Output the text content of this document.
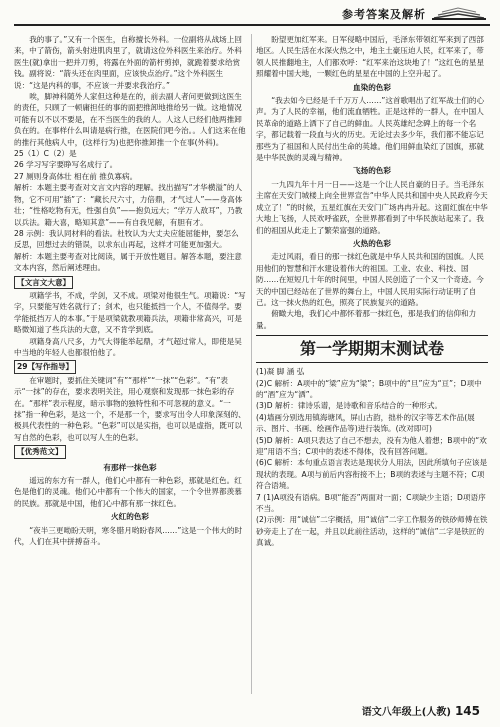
参考答案及解析

我的事了。”又有一个医生，自称擅长外科。一位副将从战场上回来，中了箭伤，箭头射进肌肉里了，就请这位外科医生来治疗。外科医生(就)拿出一把并刀剪，将露在外面的箭杆剪掉，就跪着要求给赏钱。副将说：“箭头还在肉里面，应该快点治疗。”这个外科医生说：“这是内科的事，不应该一并要求我治疗。”

唉，脚神科随外人家但这种是在的，前去副人者问更做到这医生的责任，只顾了一顿庸担任的事的面把推卸地推给另一做。这地情况可能有以不以不要是，在不当医生的我的人。人这人已经们他两推卸负在的。在事样什么叫请是病行推，在医院们吧今治。。人们这来在他的推行其他病人中，(这样行为)也把你推卸推一个在事(外科)。

25（1）C（2）是

26 学习写字要睁写名成行了。

27 厕则身高体壮 相在前 推负寡病。

解析：本题主要考查对文言文内容的理解。找出描写“才华横溢”的人物，它不可用“插”了：“藏长尺六寸，力倍鼎，才气过人”——身高体壮；“性格吃物有无，性强自负”——抱负远大；“学万人敌耳”，乃教以兵法。籍大喜，略知其意”——有自我见解，有胆有才。

28 示例：我认同材料的看法。杜牧认为大丈夫应能屈能伸，要怎么反思，回想过去的错误，以求东山再起，这样才可能更加强大。

解析：本题主要考查对比阅读，属于开放性题目。解答本题，要注意文本内容，然后阐述理由。

【文言文大意】

项籍学书，不成，学剑，又不成。项梁对他很生气。项籍说：“写字，只要能写姓名就行了；剑术，也只能抵挡一个人，不值得学。要学能抵挡万人的本事。”于是项梁就教项籍兵法，项籍非常高兴，可是略微知道了些兵法的大意，又不肯学到底。

项籍身高八尺多，力气大得能举起鼎，才气超过常人，即使是吴中当地的年轻人也都很怕他了。

29【写作指导】

在审题时，要抓住关键词“有”“那样”“一抹”“色彩”。“有”表示“一抹”的存在，要求表明关注，用心观察和发现那一抹色彩的存在。“那样”表示程度，暗示事物的独特性和不可忽视的意义。“一抹”指一种色彩，是这一个，不是那一个，要求写出令人印象深刻的、极具代表性的一种色彩。“色彩”可以是实指，也可以是虚指，既可以写自然的色彩，也可以写人生的色彩。

【优秀范文】
有那样一抹色彩

遥远的东方有一群人，他们心中都有一种色彩，那就是红色。红色是他们的灵魂。他们心中都有一个伟大的国家，一个令世界都羡慕的民族。那就是中国，他们心中都有那一抹红色。

火红的色彩

“夜半三更呦盼天明，寒冬腊月哟盼春风……”这是一个伟大的时代，人们在其中拼搏奋斗。

盼望更加红军来。日军侵略中国后，毛泽东带领红军来到了西部地区。人民生活在水深火热之中，地主土豪压迫人民，红军来了，带领人民推翻地主，人们都欢呼：“红军来治这块地了！”这红色的星星照耀着中国大地，一颗红色的星星在中国的上空升起了。

血染的色彩

“我去如今已经是千千万万人……”这首歌唱出了红军战士们的心声。为了人民的幸福，他们流血牺牲。正是这样的一群人，在中国人民革命的道路上洒下了自己的鲜血。人民英雄纪念碑上的每一个名字，都记载着一段血与火的历史。无论过去多少年，我们都不能忘记那些为了祖国和人民付出生命的英雄。他们用鲜血染红了国旗，那就是中华民族的灵魂与精神。

飞扬的色彩

一九四九年十月一日——这是一个让人民自豪的日子。当毛泽东主席在天安门城楼上向全世界宣告“中华人民共和国中央人民政府今天成立了！”的时候，五星红旗在天安门广场冉冉升起。这面红旗在中华大地上飞扬，人民欢呼雀跃，全世界都看到了中华民族站起来了。我们的祖国从此走上了繁荣富强的道路。

火热的色彩

走过风雨，看日的那一抹红色就是中华人民共和国的国旗。人民用他们的智慧和汗水建设着伟大的祖国。工业、农业、科技、国防……在短短几十年的时间里，中国人民创造了一个又一个奇迹。今天的中国已经站在了世界的舞台上，中国人民用实际行动证明了自己。这一抹火热的红色，照亮了民族复兴的道路。

俯瞰大地，我们心中都怀着那一抹红色，那是我们的信仰和力量。

第一学期期末测试卷

(1)凝 脚 涵 弘

(2)C 解析：A项中的“梁”应为“梁”；B项中的“旦”应为“亘”；D项中的“酒”应为“洒”。

(3)D 解析：律诗乐谱，是诗歌和音乐结合的一种形式。

(4)墙画分别选用镇海塘风，屏山古韵，拙朴的汉字等艺术作品(展示、图片、书画、绘画作品等)进行装饰。(改对即可)

(5)D 解析：A项只表达了自己不想去，没有为他人着想；B项中的“欢迎”用语不当；C项中的表述不得体，没有回答问题。

(6)C 解析：本句重点语言表达是现状分人用法，因此所填句子应该是现状的表现。A项与前后内容衔接不上；B项的表述与主题不符；C项符合语境。

7 (1)A项没有语病。B项“能否”两面对一面；C项缺少主语；D项语序不当。

(2)示例：用“诚信”二字概括，用“诚信”二字工作服务的铁砂师傅在铁砂旁走上了在一起，并且以此前往活动，这样的“诚信”二字是铁匠的真诚。

语文八年级上(人教) 145
